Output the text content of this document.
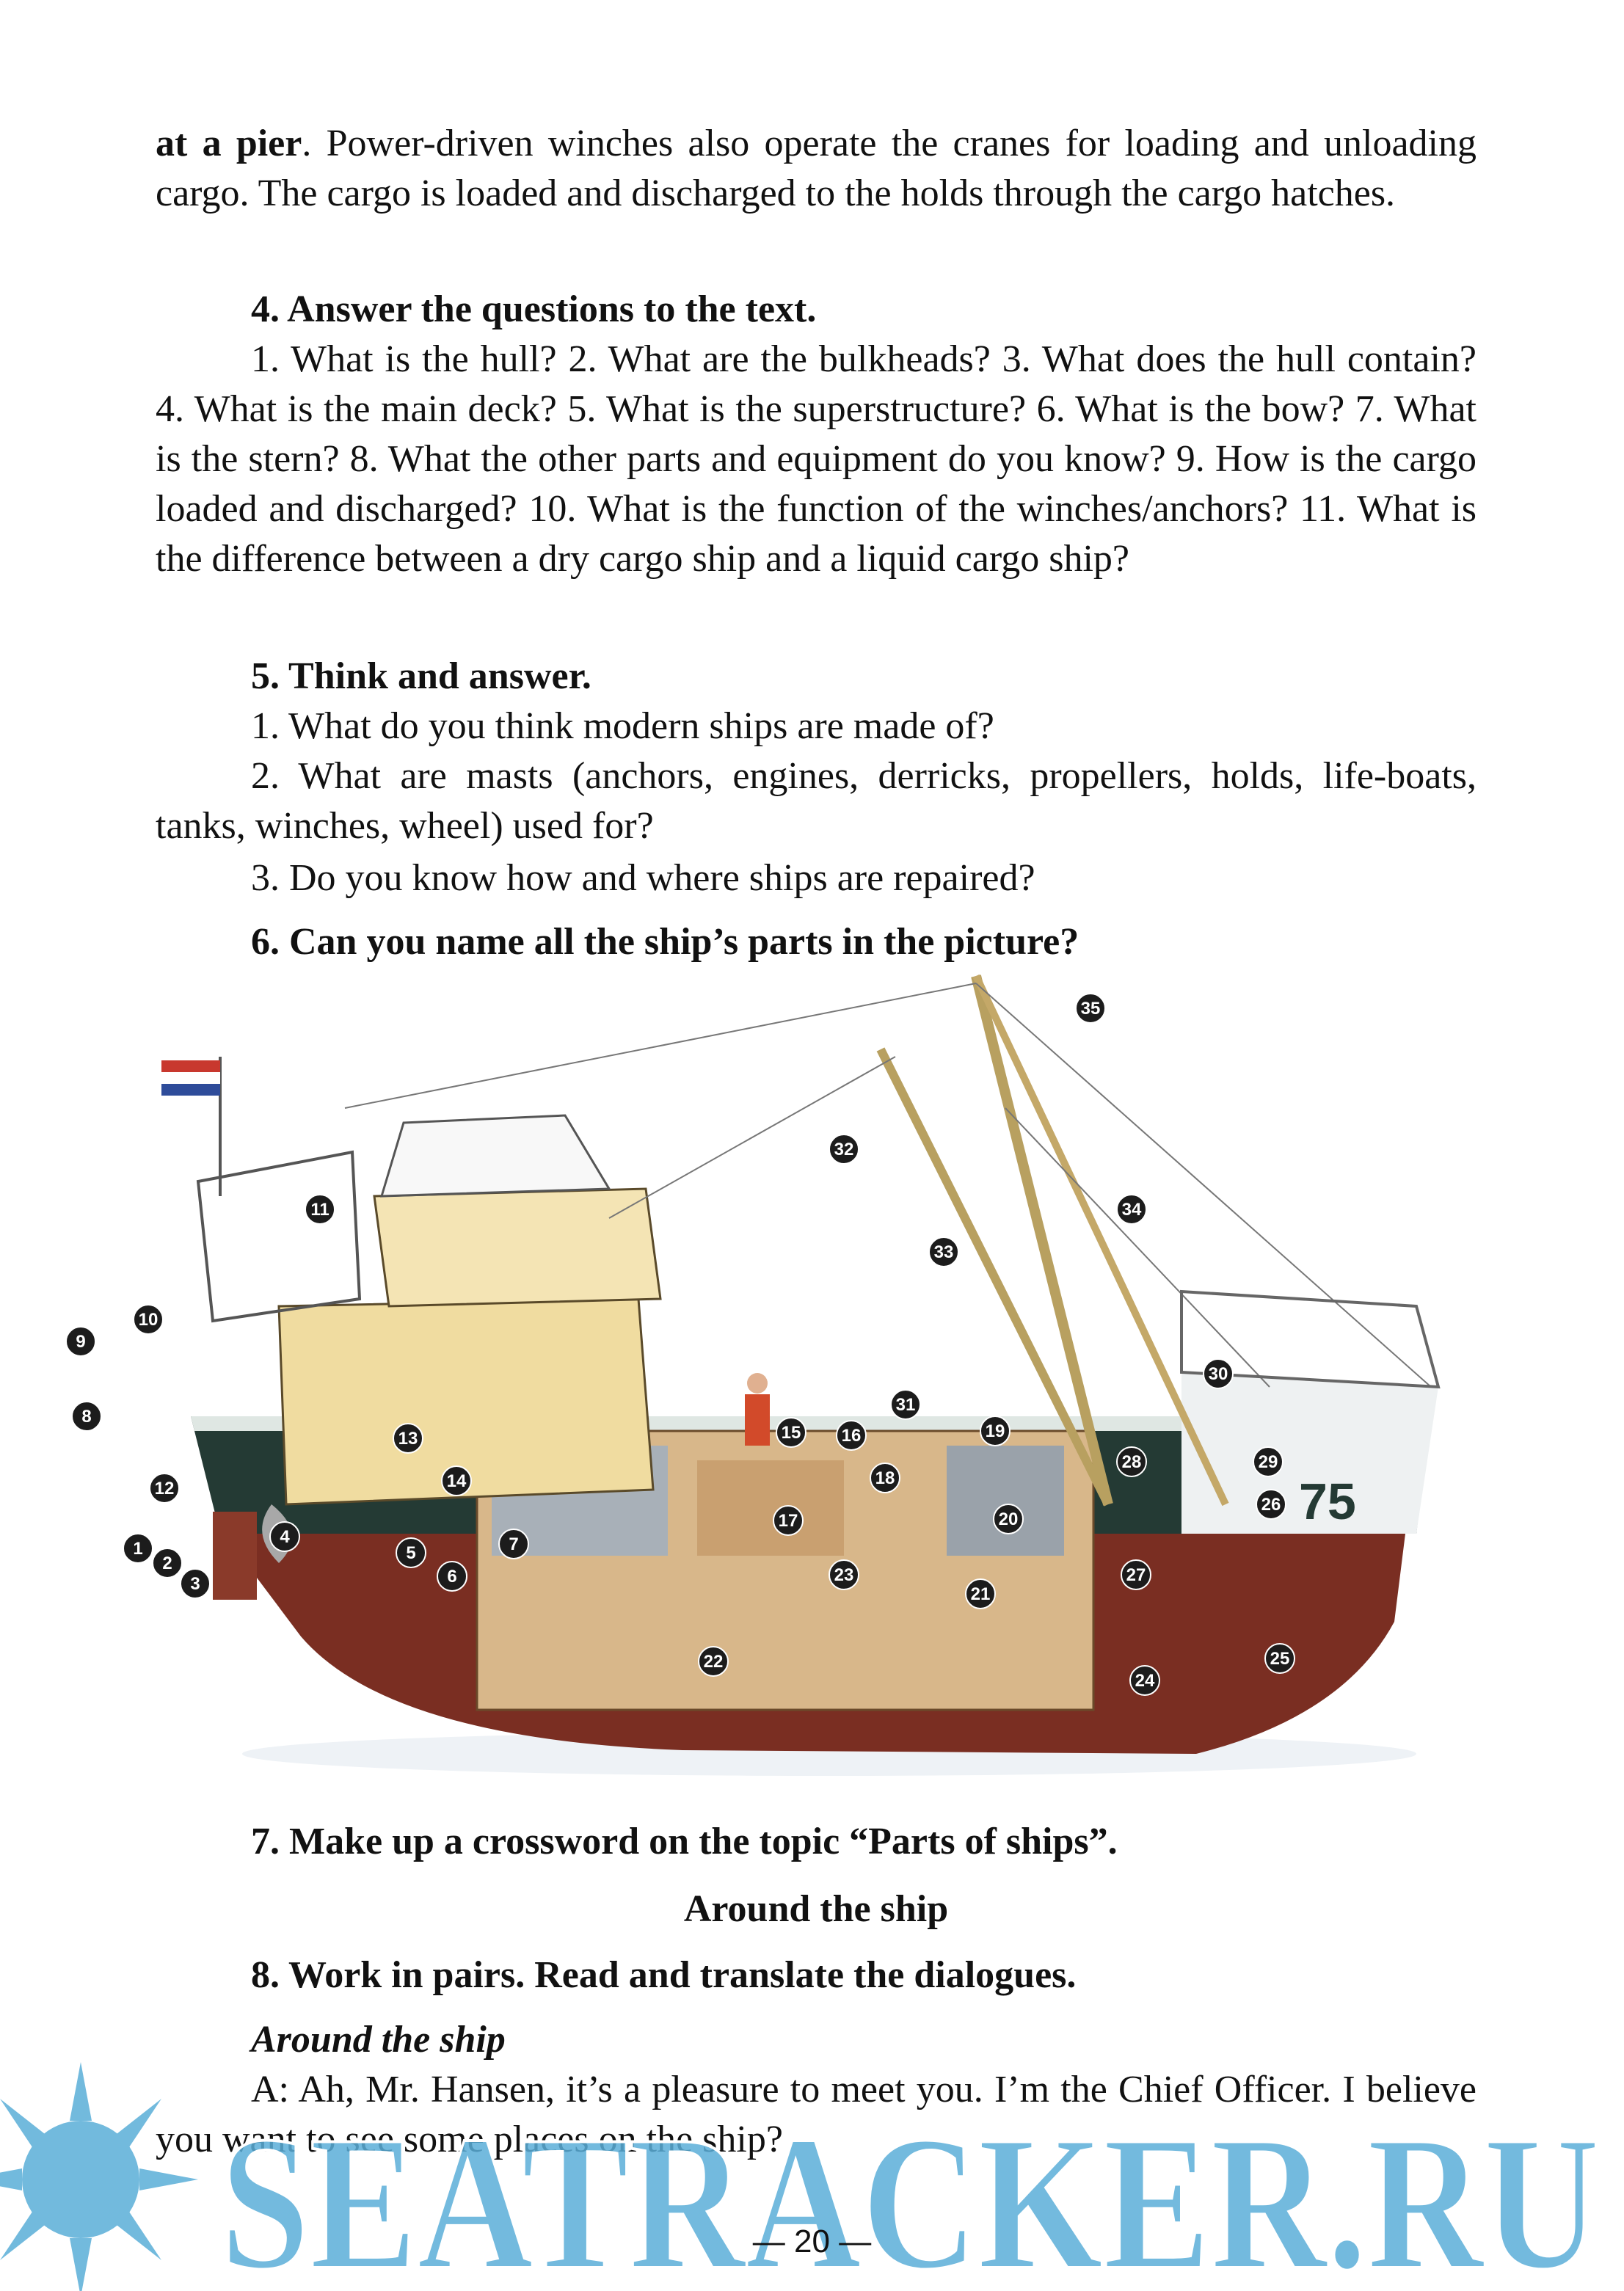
at a pier. Power-driven winches also operate the cranes for loading and unloading cargo. The cargo is loaded and discharged to the holds through the cargo hatches.
4. Answer the questions to the text.
1. What is the hull? 2. What are the bulkheads? 3. What does the hull contain? 4. What is the main deck? 5. What is the superstructure? 6. What is the bow? 7. What is the stern? 8. What the other parts and equipment do you know? 9. How is the cargo loaded and discharged? 10. What is the function of the winches/anchors? 11. What is the difference between a dry cargo ship and a liquid cargo ship?
5. Think and answer.
1. What do you think modern ships are made of?
2. What are masts (anchors, engines, derricks, propellers, holds, life-boats, tanks, winches, wheel) used for?
3. Do you know how and where ships are repaired?
6. Can you name all the ship’s parts in the picture?
75
1
2
3
4
5
6
7
8
9
10
11
12
13
14
15 16
17
18
19
20
21
22
23
24
25
26
27
28	29
30
31
32
33
34
35
7. Make up a crossword on the topic “Parts of ships”.
Around the ship
8. Work in pairs. Read and translate the dialogues.
Around the ship
A: Ah, Mr. Hansen, it’s a pleasure to meet you. I’m the Chief Officer. I believe you want to see some places on the ship?
SEATRACKER.RU
— 20 —
